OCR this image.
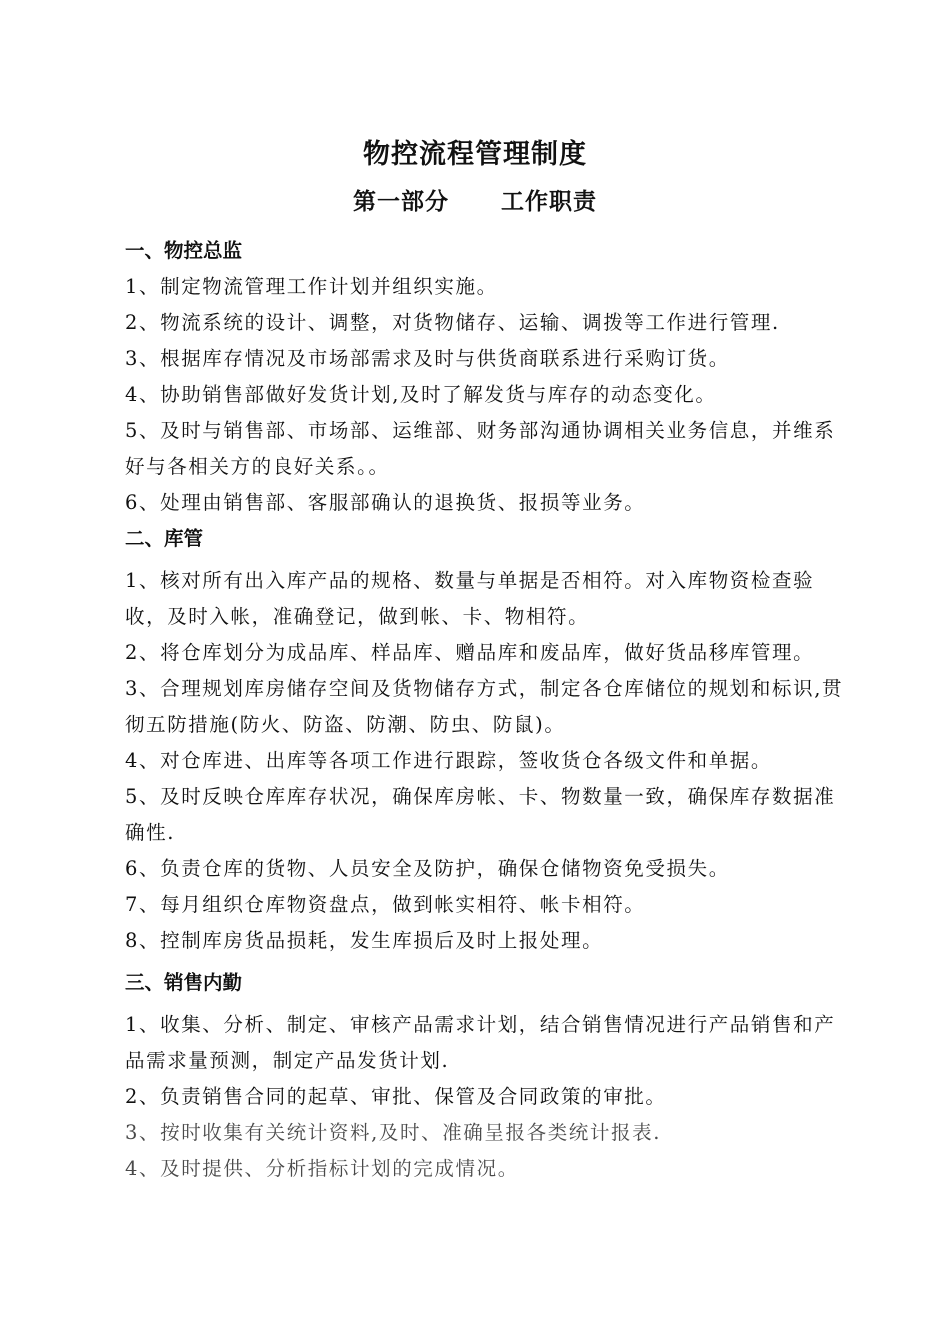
物控流程管理制度
第一部分 工作职责
一、物控总监
1、制定物流管理工作计划并组织实施。
2、物流系统的设计、调整，对货物储存、运输、调拨等工作进行管理.
3、根据库存情况及市场部需求及时与供货商联系进行采购订货。
4、协助销售部做好发货计划,及时了解发货与库存的动态变化。
5、及时与销售部、市场部、运维部、财务部沟通协调相关业务信息，并维系好与各相关方的良好关系。。
6、处理由销售部、客服部确认的退换货、报损等业务。
二、库管
1、核对所有出入库产品的规格、数量与单据是否相符。对入库物资检查验收，及时入帐，准确登记，做到帐、卡、物相符。
2、将仓库划分为成品库、样品库、赠品库和废品库，做好货品移库管理。
3、合理规划库房储存空间及货物储存方式，制定各仓库储位的规划和标识,贯彻五防措施(防火、防盗、防潮、防虫、防鼠)。
4、对仓库进、出库等各项工作进行跟踪，签收货仓各级文件和单据。
5、及时反映仓库库存状况，确保库房帐、卡、物数量一致，确保库存数据准确性.
6、负责仓库的货物、人员安全及防护，确保仓储物资免受损失。
7、每月组织仓库物资盘点，做到帐实相符、帐卡相符。
8、控制库房货品损耗，发生库损后及时上报处理。
三、销售内勤
1、收集、分析、制定、审核产品需求计划，结合销售情况进行产品销售和产品需求量预测，制定产品发货计划.
2、负责销售合同的起草、审批、保管及合同政策的审批。
3、按时收集有关统计资料,及时、准确呈报各类统计报表.
4、及时提供、分析指标计划的完成情况。
